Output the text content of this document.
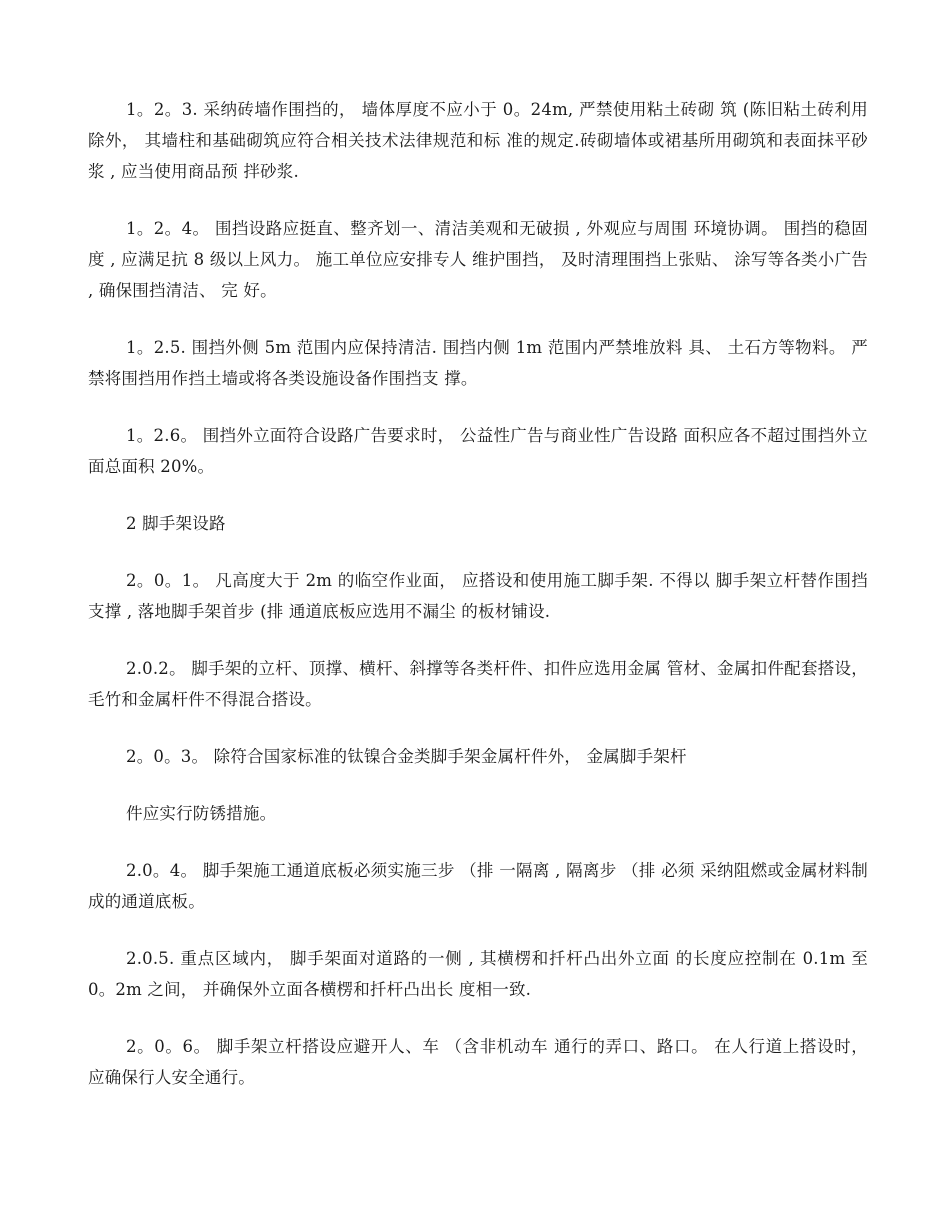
1。2。3. 采纳砖墙作围挡的， 墙体厚度不应小于 0。24m, 严禁使用粘土砖砌 筑 (陈旧粘土砖利用除外， 其墙柱和基础砌筑应符合相关技术法律规范和标 准的规定.砖砌墙体或裙基所用砌筑和表面抹平砂浆 , 应当使用商品预 拌砂浆.

1。2。4。 围挡设路应挺直、整齐划一、清洁美观和无破损 , 外观应与周围 环境协调。 围挡的稳固度 , 应满足抗 8 级以上风力。 施工单位应安排专人 维护围挡， 及时清理围挡上张贴、 涂写等各类小广告 , 确保围挡清洁、 完 好。

1。2.5. 围挡外侧 5m 范围内应保持清洁. 围挡内侧 1m 范围内严禁堆放料 具、 土石方等物料。 严禁将围挡用作挡土墙或将各类设施设备作围挡支 撑。

1。2.6。 围挡外立面符合设路广告要求时， 公益性广告与商业性广告设路 面积应各不超过围挡外立面总面积 20%。

2 脚手架设路

2。0。1。 凡高度大于 2m 的临空作业面， 应搭设和使用施工脚手架. 不得以 脚手架立杆替作围挡支撑 , 落地脚手架首步 (排 通道底板应选用不漏尘 的板材铺设.

2.0.2。 脚手架的立杆、顶撑、横杆、斜撑等各类杆件、扣件应选用金属 管材、金属扣件配套搭设， 毛竹和金属杆件不得混合搭设。

2。0。3。 除符合国家标准的钛镍合金类脚手架金属杆件外， 金属脚手架杆

件应实行防锈措施。

2.0。4。 脚手架施工通道底板必须实施三步 （排 一隔离 , 隔离步 （排 必须 采纳阻燃或金属材料制成的通道底板。

2.0.5. 重点区域内， 脚手架面对道路的一侧 , 其横楞和扦杆凸出外立面 的长度应控制在 0.1m 至 0。2m 之间， 并确保外立面各横楞和扦杆凸出长 度相一致.

2。0。6。 脚手架立杆搭设应避开人、车 （含非机动车 通行的弄口、路口。 在人行道上搭设时， 应确保行人安全通行。
